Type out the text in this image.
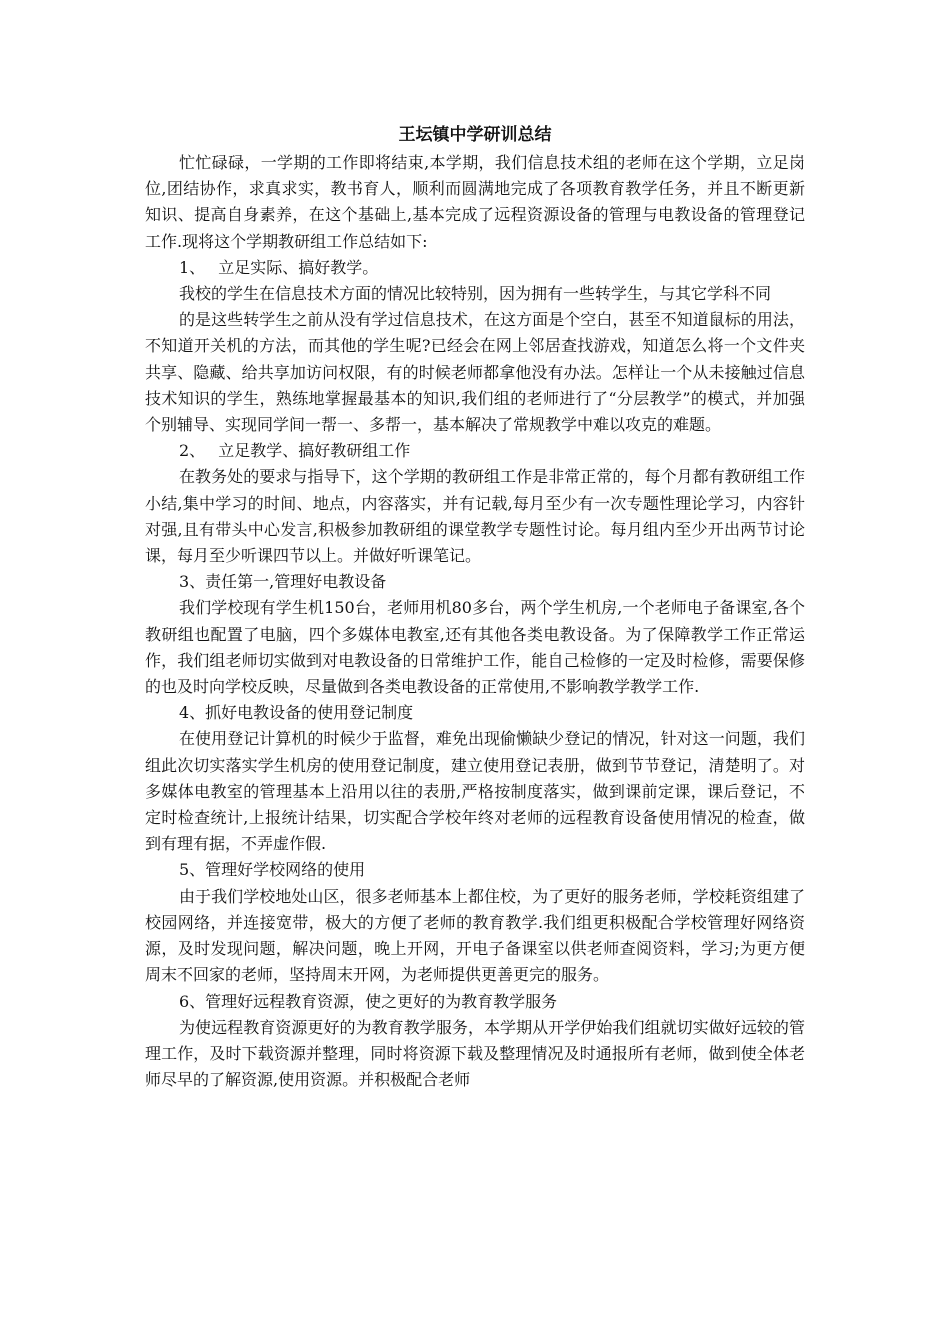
王坛镇中学研训总结

忙忙碌碌，一学期的工作即将结束,本学期，我们信息技术组的老师在这个学期，立足岗位,团结协作，求真求实，教书育人，顺利而圆满地完成了各项教育教学任务，并且不断更新知识、提高自身素养，在这个基础上,基本完成了远程资源设备的管理与电教设备的管理登记工作.现将这个学期教研组工作总结如下:

1、　 立足实际、搞好教学。

我校的学生在信息技术方面的情况比较特别，因为拥有一些转学生，与其它学科不同

的是这些转学生之前从没有学过信息技术，在这方面是个空白，甚至不知道鼠标的用法，不知道开关机的方法，而其他的学生呢?已经会在网上邻居查找游戏，知道怎么将一个文件夹共享、隐藏、给共享加访问权限，有的时候老师都拿他没有办法。怎样让一个从未接触过信息技术知识的学生，熟练地掌握最基本的知识,我们组的老师进行了“分层教学”的模式，并加强个别辅导、实现同学间一帮一、多帮一，基本解决了常规教学中难以攻克的难题。

2、　 立足教学、搞好教研组工作

在教务处的要求与指导下，这个学期的教研组工作是非常正常的，每个月都有教研组工作小结,集中学习的时间、地点，内容落实，并有记载,每月至少有一次专题性理论学习，内容针对强,且有带头中心发言,积极参加教研组的课堂教学专题性讨论。每月组内至少开出两节讨论课，每月至少听课四节以上。并做好听课笔记。

3、责任第一,管理好电教设备

我们学校现有学生机150台，老师用机80多台，两个学生机房,一个老师电子备课室,各个教研组也配置了电脑，四个多媒体电教室,还有其他各类电教设备。为了保障教学工作正常运作，我们组老师切实做到对电教设备的日常维护工作，能自己检修的一定及时检修，需要保修的也及时向学校反映，尽量做到各类电教设备的正常使用,不影响教学教学工作.

4、抓好电教设备的使用登记制度

在使用登记计算机的时候少于监督，难免出现偷懒缺少登记的情况，针对这一问题，我们组此次切实落实学生机房的使用登记制度，建立使用登记表册，做到节节登记，清楚明了。对多媒体电教室的管理基本上沿用以往的表册,严格按制度落实，做到课前定课，课后登记，不定时检查统计,上报统计结果，切实配合学校年终对老师的远程教育设备使用情况的检查，做到有理有据，不弄虚作假.

5、管理好学校网络的使用

由于我们学校地处山区，很多老师基本上都住校，为了更好的服务老师，学校耗资组建了校园网络，并连接宽带，极大的方便了老师的教育教学.我们组更积极配合学校管理好网络资源，及时发现问题，解决问题，晚上开网，开电子备课室以供老师查阅资料，学习;为更方便周末不回家的老师，坚持周末开网，为老师提供更善更完的服务。

6、管理好远程教育资源，使之更好的为教育教学服务

为使远程教育资源更好的为教育教学服务，本学期从开学伊始我们组就切实做好远较的管理工作，及时下载资源并整理，同时将资源下载及整理情况及时通报所有老师，做到使全体老师尽早的了解资源,使用资源。并积极配合老师
